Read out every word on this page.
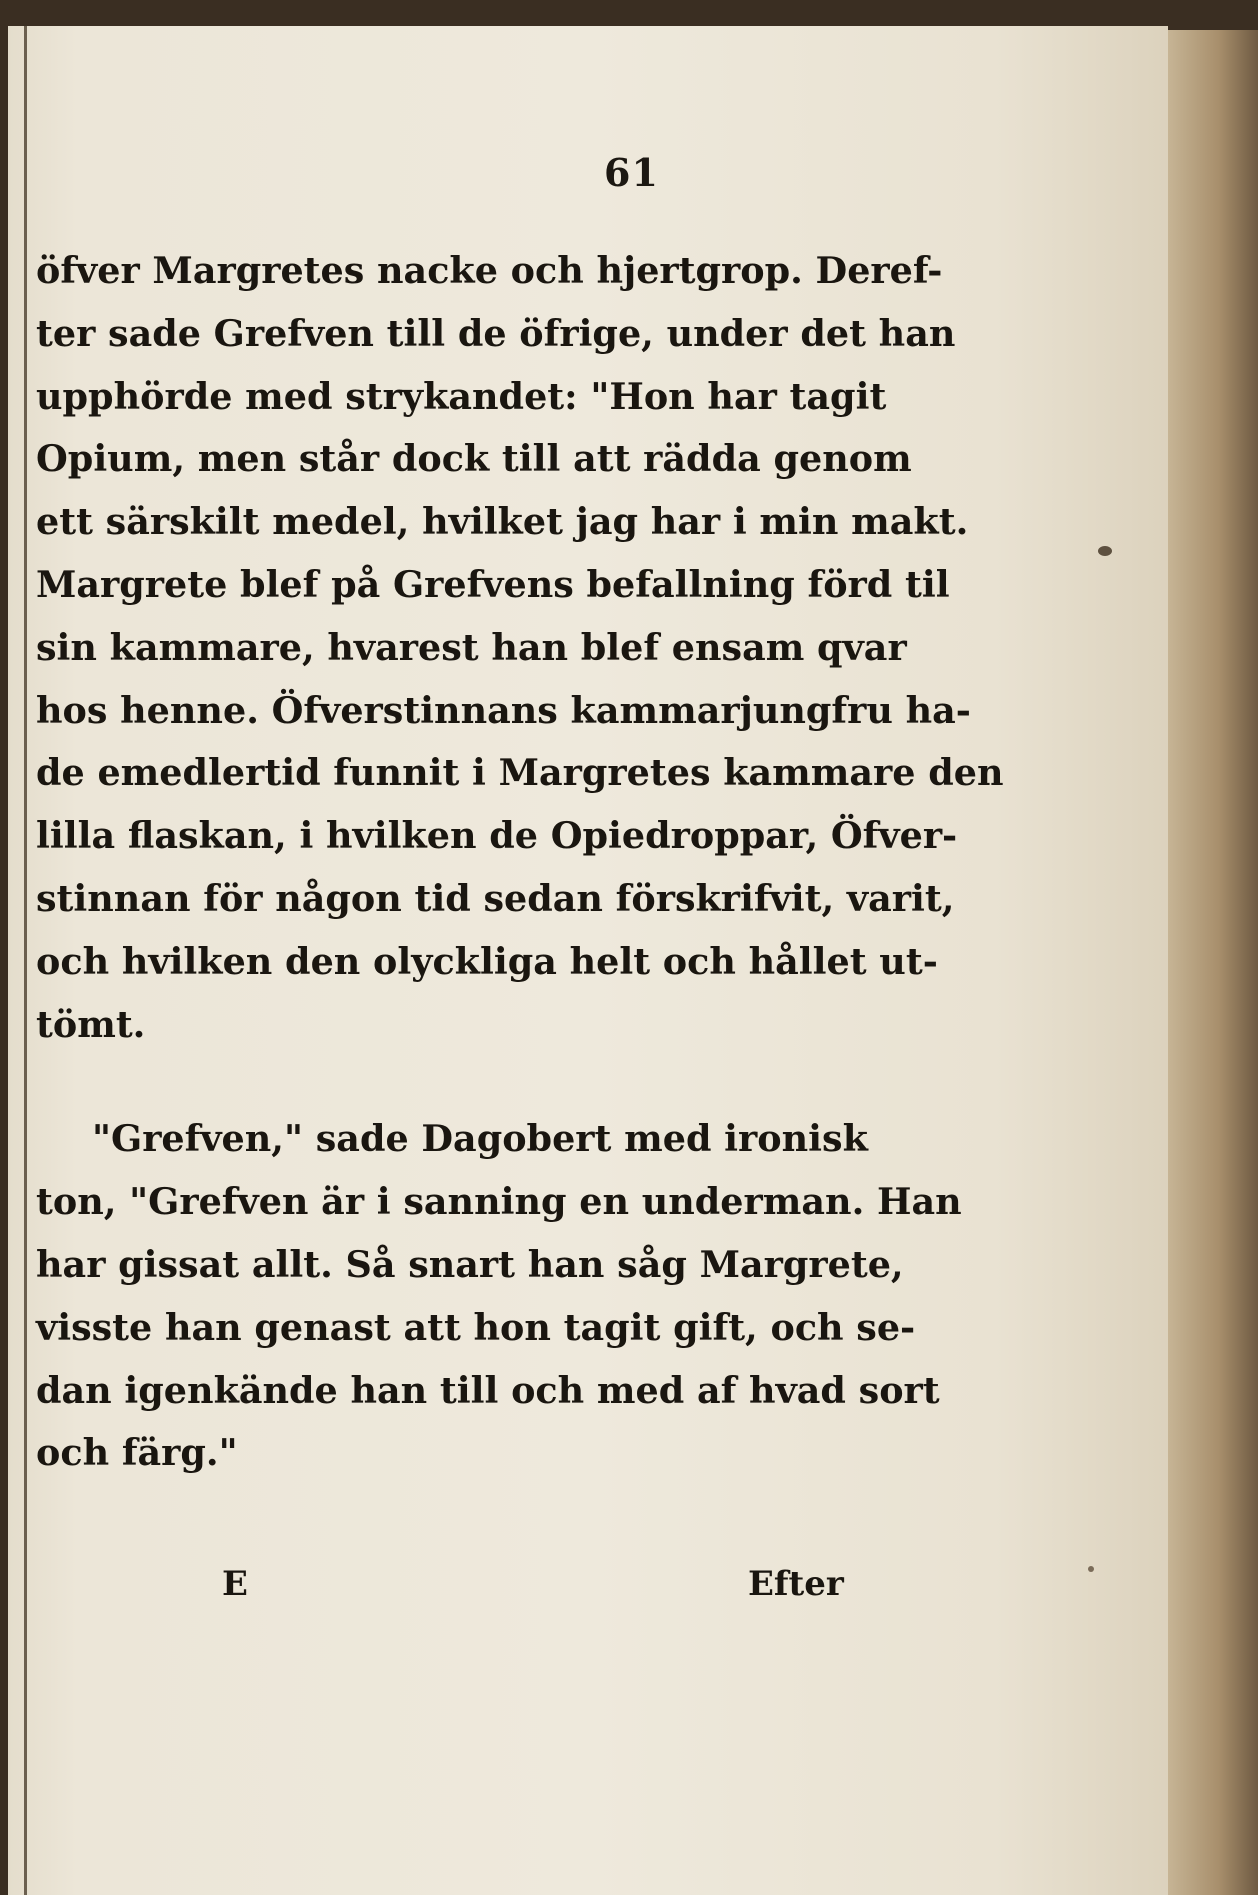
61
öfver Margretes nacke och hjertgrop. Deref-
ter sade Grefven till de öfrige, under det han
upphörde med strykandet: "Hon har tagit
Opium, men står dock till att rädda genom
ett särskilt medel, hvilket jag har i min makt.
Margrete blef på Grefvens befallning förd til
sin kammare, hvarest han blef ensam qvar
hos henne. Öfverstinnans kammarjungfru ha-
de emedlertid funnit i Margretes kammare den
lilla flaskan, i hvilken de Opiedroppar, Öfver-
stinnan för någon tid sedan förskrifvit, varit,
och hvilken den olyckliga helt och hållet ut-
tömt.
"Grefven," sade Dagobert med ironisk
ton, "Grefven är i sanning en underman. Han
har gissat allt. Så snart han såg Margrete,
visste han genast att hon tagit gift, och se-
dan igenkände han till och med af hvad sort
och färg."
E	Efter
